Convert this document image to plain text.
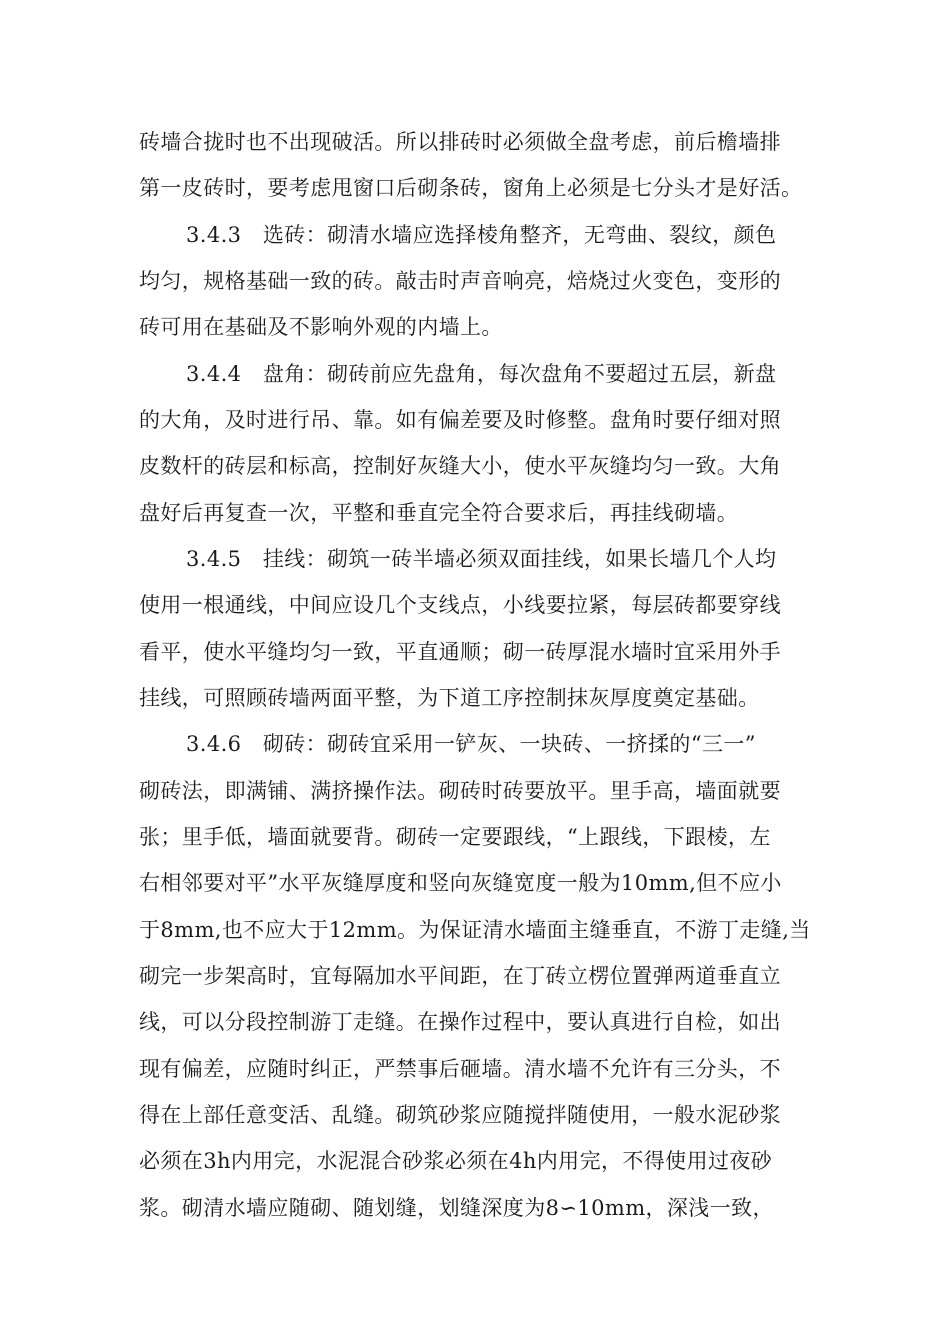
砖墙合拢时也不出现破活。所以排砖时必须做全盘考虑，前后檐墙排
第一皮砖时，要考虑甩窗口后砌条砖，窗角上必须是七分头才是好活。
3.4.3　选砖：砌清水墙应选择棱角整齐，无弯曲、裂纹，颜色
均匀，规格基础一致的砖。敲击时声音响亮，焙烧过火变色，变形的
砖可用在基础及不影响外观的内墙上。
3.4.4　盘角：砌砖前应先盘角，每次盘角不要超过五层，新盘
的大角，及时进行吊、靠。如有偏差要及时修整。盘角时要仔细对照
皮数杆的砖层和标高，控制好灰缝大小，使水平灰缝均匀一致。大角
盘好后再复查一次，平整和垂直完全符合要求后，再挂线砌墙。
3.4.5　挂线：砌筑一砖半墙必须双面挂线，如果长墙几个人均
使用一根通线，中间应设几个支线点，小线要拉紧，每层砖都要穿线
看平，使水平缝均匀一致，平直通顺；砌一砖厚混水墙时宜采用外手
挂线，可照顾砖墙两面平整，为下道工序控制抹灰厚度奠定基础。
3.4.6　砌砖：砌砖宜采用一铲灰、一块砖、一挤揉的“三一”
砌砖法，即满铺、满挤操作法。砌砖时砖要放平。里手高，墙面就要
张；里手低，墙面就要背。砌砖一定要跟线，“上跟线，下跟棱，左
右相邻要对平”水平灰缝厚度和竖向灰缝宽度一般为10mm,但不应小
于8mm,也不应大于12mm。为保证清水墙面主缝垂直，不游丁走缝,当
砌完一步架高时，宜每隔加水平间距，在丁砖立楞位置弹两道垂直立
线，可以分段控制游丁走缝。在操作过程中，要认真进行自检，如出
现有偏差，应随时纠正，严禁事后砸墙。清水墙不允许有三分头，不
得在上部任意变活、乱缝。砌筑砂浆应随搅拌随使用，一般水泥砂浆
必须在3h内用完，水泥混合砂浆必须在4h内用完，不得使用过夜砂
浆。砌清水墙应随砌、随划缝，划缝深度为8∽10mm，深浅一致，
